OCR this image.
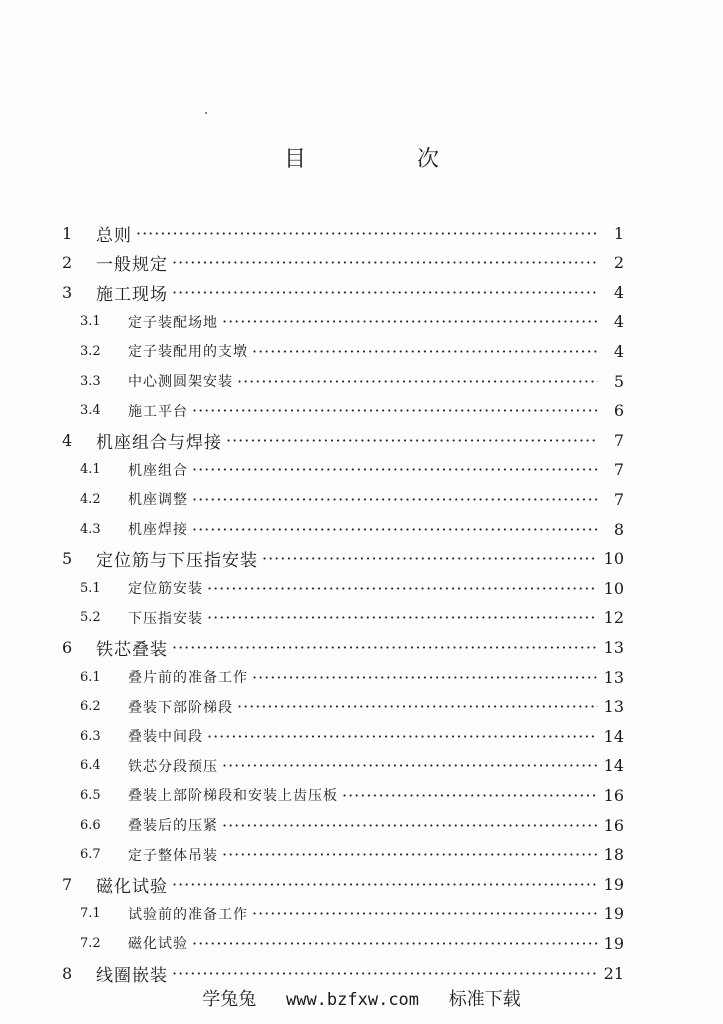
目 次
1	总则 ·····	1
2	一般规定 ·····	2
3	施工现场 ·····	4
3.1	定子装配场地 ·····	4
3.2	定子装配用的支墩 ·····	4
3.3	中心测圆架安装 ·····	5
3.4	施工平台 ·····	6
4	机座组合与焊接 ·····	7
4.1	机座组合 ·····	7
4.2	机座调整 ·····	7
4.3	机座焊接 ·····	8
5	定位筋与下压指安装 ·····	10
5.1	定位筋安装 ·····	10
5.2	下压指安装 ·····	12
6	铁芯叠装 ·····	13
6.1	叠片前的准备工作 ·····	13
6.2	叠装下部阶梯段 ·····	13
6.3	叠装中间段 ·····	14
6.4	铁芯分段预压 ·····	14
6.5	叠装上部阶梯段和安装上齿压板 ·····	16
6.6	叠装后的压紧 ·····	16
6.7	定子整体吊装 ·····	18
7	磁化试验 ·····	19
7.1	试验前的准备工作 ·····	19
7.2	磁化试验 ·····	19
8	线圈嵌装 ·····	21
学兔兔 www.bzfxw.com 标准下载
